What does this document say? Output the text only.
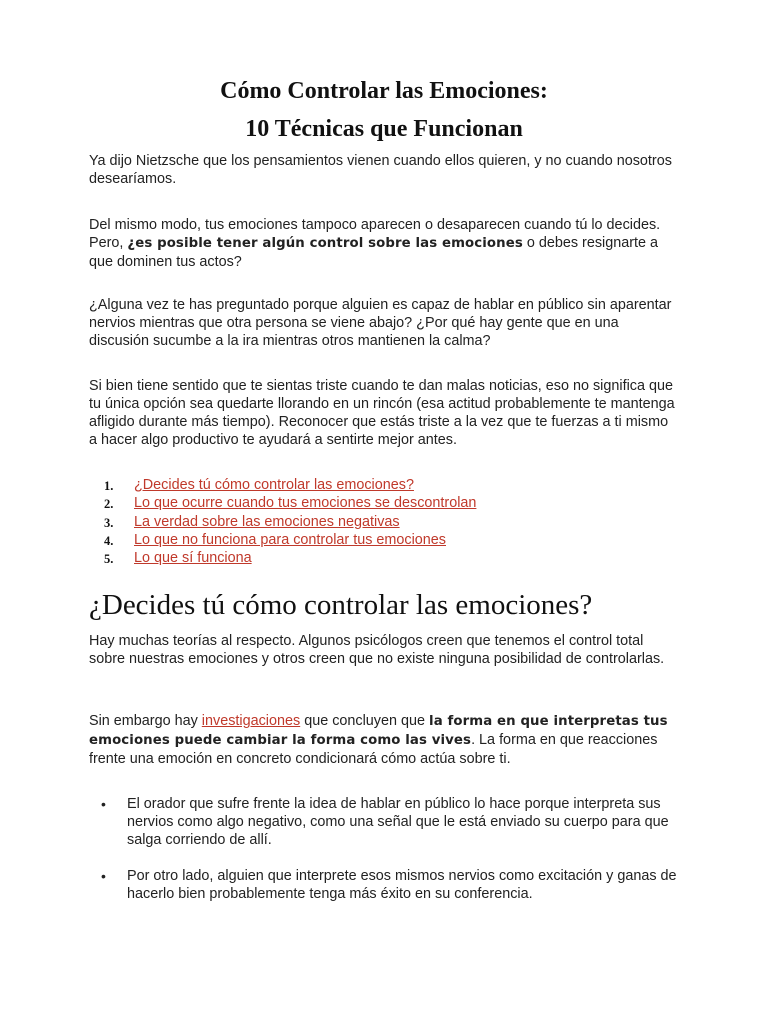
Cómo Controlar las Emociones:
10 Técnicas que Funcionan

Ya dijo Nietzsche que los pensamientos vienen cuando ellos quieren, y no cuando nosotros desearíamos.

Del mismo modo, tus emociones tampoco aparecen o desaparecen cuando tú lo decides. Pero, ¿es posible tener algún control sobre las emociones o debes resignarte a que dominen tus actos?

¿Alguna vez te has preguntado porque alguien es capaz de hablar en público sin aparentar nervios mientras que otra persona se viene abajo? ¿Por qué hay gente que en una discusión sucumbe a la ira mientras otros mantienen la calma?

Si bien tiene sentido que te sientas triste cuando te dan malas noticias, eso no significa que tu única opción sea quedarte llorando en un rincón (esa actitud probablemente te mantenga afligido durante más tiempo). Reconocer que estás triste a la vez que te fuerzas a ti mismo a hacer algo productivo te ayudará a sentirte mejor antes.

1. ¿Decides tú cómo controlar las emociones?
2. Lo que ocurre cuando tus emociones se descontrolan
3. La verdad sobre las emociones negativas
4. Lo que no funciona para controlar tus emociones
5. Lo que sí funciona
¿Decides tú cómo controlar las emociones?

Hay muchas teorías al respecto. Algunos psicólogos creen que tenemos el control total sobre nuestras emociones y otros creen que no existe ninguna posibilidad de controlarlas.

Sin embargo hay investigaciones que concluyen que la forma en que interpretas tus emociones puede cambiar la forma como las vives. La forma en que reacciones frente una emoción en concreto condicionará cómo actúa sobre ti.

•	El orador que sufre frente la idea de hablar en público lo hace porque interpreta sus nervios como algo negativo, como una señal que le está enviado su cuerpo para que salga corriendo de allí.
•	Por otro lado, alguien que interprete esos mismos nervios como excitación y ganas de hacerlo bien probablemente tenga más éxito en su conferencia.
